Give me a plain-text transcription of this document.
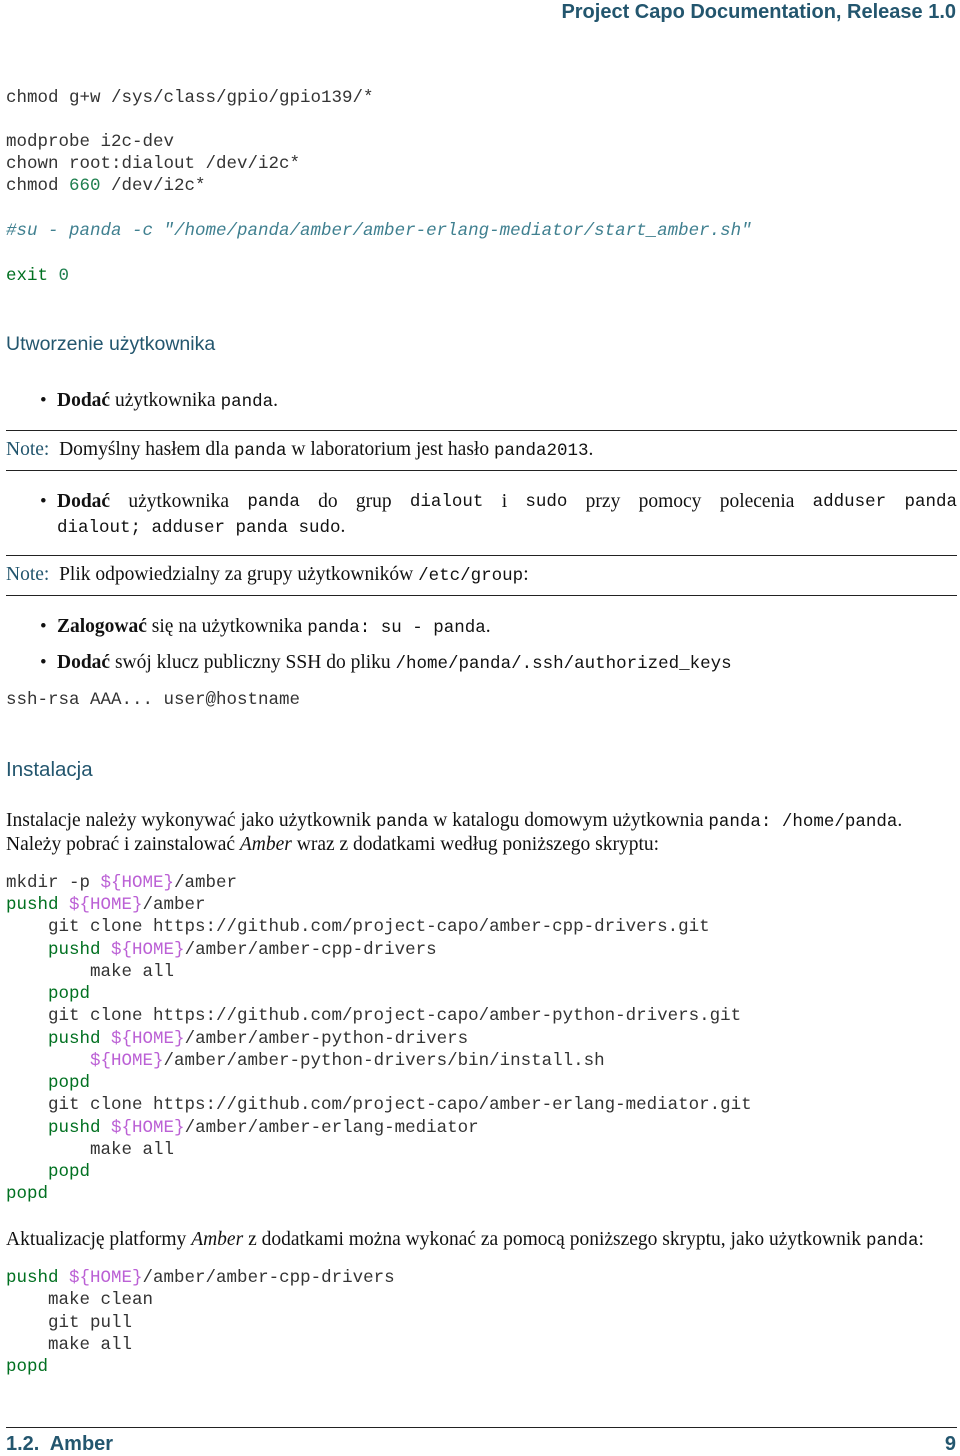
Project Capo Documentation, Release 1.0
chmod g+w /sys/class/gpio/gpio139/*
modprobe i2c-dev
chown root:dialout /dev/i2c*
chmod 660 /dev/i2c*
#su - panda -c "/home/panda/amber/amber-erlang-mediator/start_amber.sh"
exit 0
Utworzenie użytkownika
• Dodać użytkownika panda.
Note: Domyślny hasłem dla panda w laboratorium jest hasło panda2013.
• Dodać użytkownika panda do grup dialout i sudo przy pomocy polecenia adduser panda
dialout; adduser panda sudo.
Note: Plik odpowiedzialny za grupy użytkowników /etc/group:
• Zalogować się na użytkownika panda: su - panda.
• Dodać swój klucz publiczny SSH do pliku /home/panda/.ssh/authorized_keys
ssh-rsa AAA... user@hostname
Instalacja
Instalacje należy wykonywać jako użytkownik panda w katalogu domowym użytkownia panda: /home/panda.
Należy pobrać i zainstalować Amber wraz z dodatkami według poniższego skryptu:
mkdir -p ${HOME}/amber
pushd ${HOME}/amber
git clone https://github.com/project-capo/amber-cpp-drivers.git
pushd ${HOME}/amber/amber-cpp-drivers
make all
popd
git clone https://github.com/project-capo/amber-python-drivers.git
pushd ${HOME}/amber/amber-python-drivers
${HOME}/amber/amber-python-drivers/bin/install.sh
popd
git clone https://github.com/project-capo/amber-erlang-mediator.git
pushd ${HOME}/amber/amber-erlang-mediator
make all
popd
popd
Aktualizację platformy Amber z dodatkami można wykonać za pomocą poniższego skryptu, jako użytkownik panda:
pushd ${HOME}/amber/amber-cpp-drivers
make clean
git pull
make all
popd
1.2.  Amber	9
